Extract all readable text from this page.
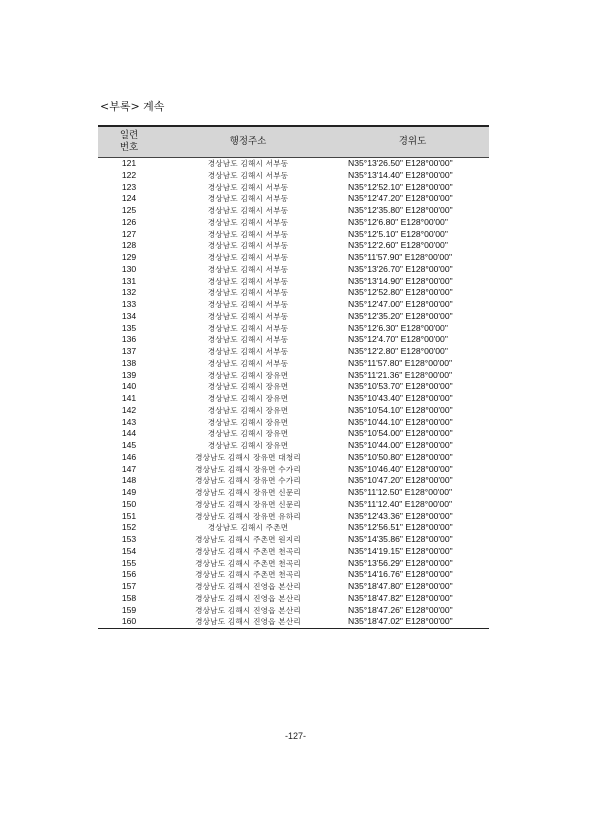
<부록> 계속
일련
번호	행정주소	경위도
121	경상남도 김해시 서부동	N35°13'26.50" E128°00'00"
122	경상남도 김해시 서부동	N35°13'14.40" E128°00'00"
123	경상남도 김해시 서부동	N35°12'52.10" E128°00'00"
124	경상남도 김해시 서부동	N35°12'47.20" E128°00'00"
125	경상남도 김해시 서부동	N35°12'35.80" E128°00'00"
126	경상남도 김해시 서부동	N35°12'6.80" E128°00'00"
127	경상남도 김해시 서부동	N35°12'5.10" E128°00'00"
128	경상남도 김해시 서부동	N35°12'2.60" E128°00'00"
129	경상남도 김해시 서부동	N35°11'57.90" E128°00'00"
130	경상남도 김해시 서부동	N35°13'26.70" E128°00'00"
131	경상남도 김해시 서부동	N35°13'14.90" E128°00'00"
132	경상남도 김해시 서부동	N35°12'52.80" E128°00'00"
133	경상남도 김해시 서부동	N35°12'47.00" E128°00'00"
134	경상남도 김해시 서부동	N35°12'35.20" E128°00'00"
135	경상남도 김해시 서부동	N35°12'6.30" E128°00'00"
136	경상남도 김해시 서부동	N35°12'4.70" E128°00'00"
137	경상남도 김해시 서부동	N35°12'2.80" E128°00'00"
138	경상남도 김해시 서부동	N35°11'57.80" E128°00'00"
139	경상남도 김해시 장유면	N35°11'21.36" E128°00'00"
140	경상남도 김해시 장유면	N35°10'53.70" E128°00'00"
141	경상남도 김해시 장유면	N35°10'43.40" E128°00'00"
142	경상남도 김해시 장유면	N35°10'54.10" E128°00'00"
143	경상남도 김해시 장유면	N35°10'44.10" E128°00'00"
144	경상남도 김해시 장유면	N35°10'54.00" E128°00'00"
145	경상남도 김해시 장유면	N35°10'44.00" E128°00'00"
146	경상남도 김해시 장유면 대청리	N35°10'50.80" E128°00'00"
147	경상남도 김해시 장유면 수가리	N35°10'46.40" E128°00'00"
148	경상남도 김해시 장유면 수가리	N35°10'47.20" E128°00'00"
149	경상남도 김해시 장유면 신문리	N35°11'12.50" E128°00'00"
150	경상남도 김해시 장유면 신문리	N35°11'12.40" E128°00'00"
151	경상남도 김해시 장유면 유하리	N35°12'43.36" E128°00'00"
152	경상남도 김해시 주촌면	N35°12'56.51" E128°00'00"
153	경상남도 김해시 주촌면 원지리	N35°14'35.86" E128°00'00"
154	경상남도 김해시 주촌면 천곡리	N35°14'19.15" E128°00'00"
155	경상남도 김해시 주촌면 천곡리	N35°13'56.29" E128°00'00"
156	경상남도 김해시 주촌면 천곡리	N35°14'16.76" E128°00'00"
157	경상남도 김해시 진영읍 본산리	N35°18'47.80" E128°00'00"
158	경상남도 김해시 진영읍 본산리	N35°18'47.82" E128°00'00"
159	경상남도 김해시 진영읍 본산리	N35°18'47.26" E128°00'00"
160	경상남도 김해시 진영읍 본산리	N35°18'47.02" E128°00'00"
-127-
